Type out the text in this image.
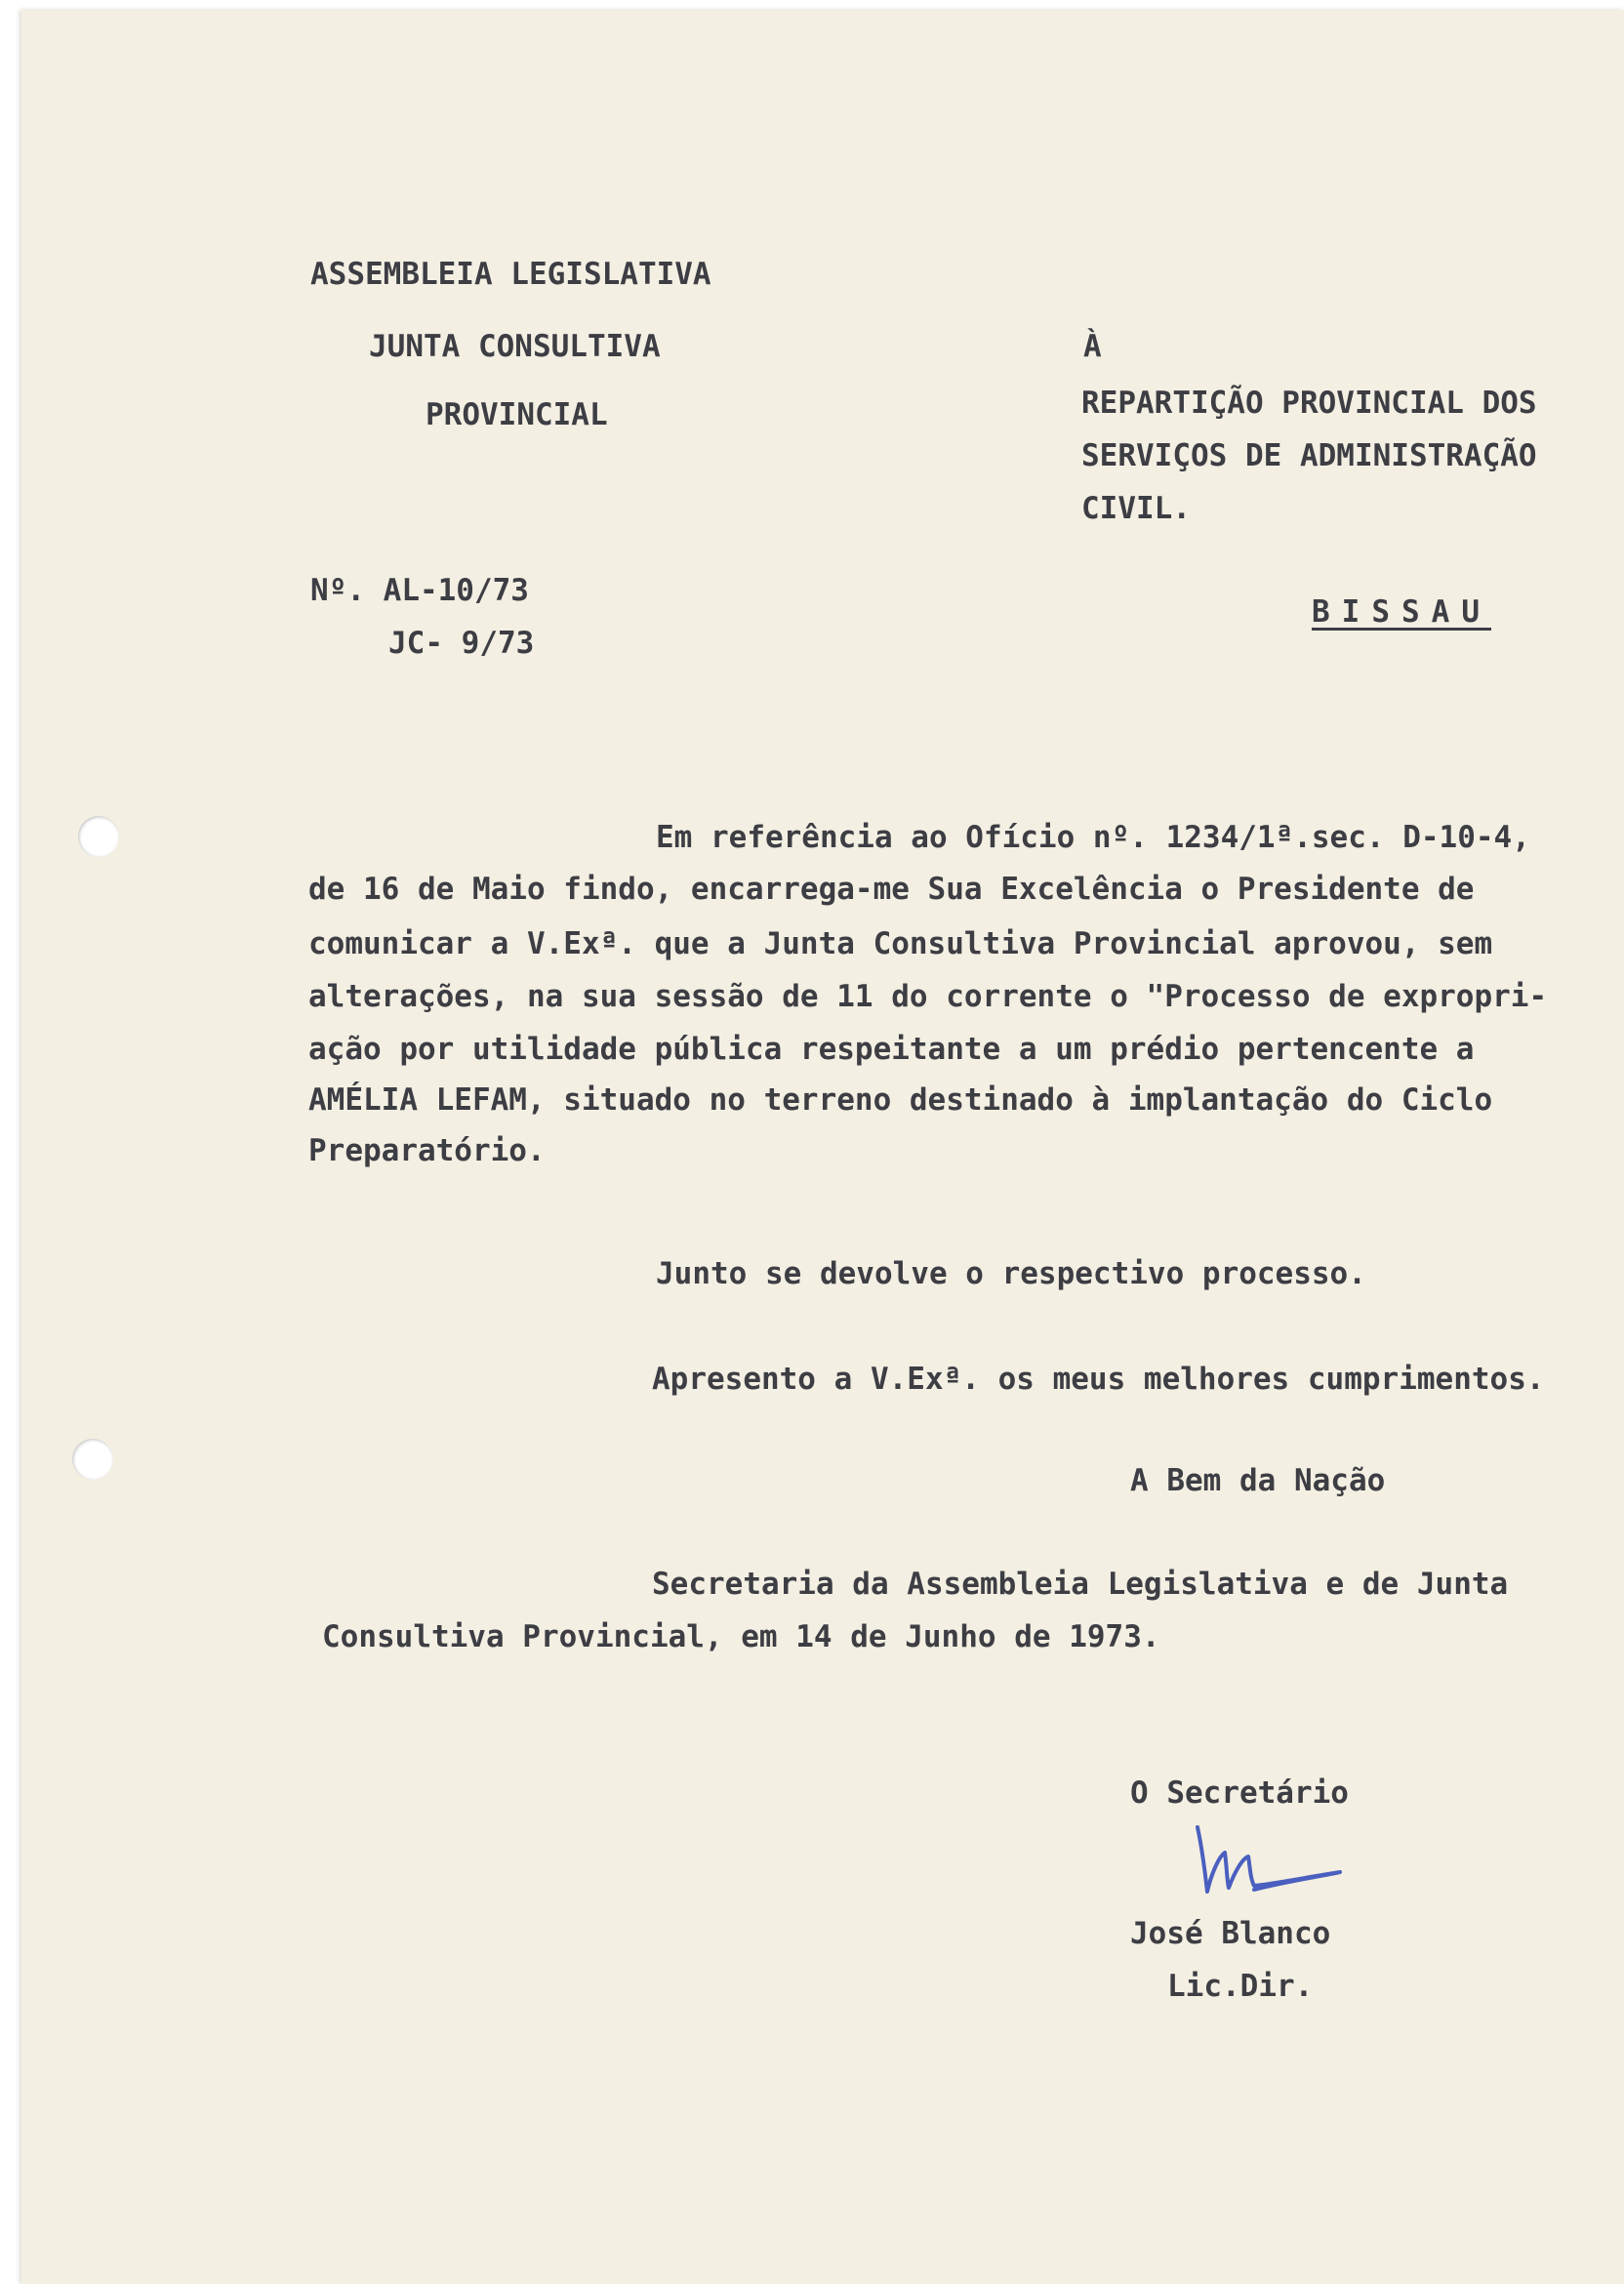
ASSEMBLEIA LEGISLATIVA
JUNTA CONSULTIVA
PROVINCIAL
À
REPARTIÇÃO PROVINCIAL DOS
SERVIÇOS DE ADMINISTRAÇÃO
CIVIL.
BISSAU
Nº. AL-10/73
JC- 9/73
Em referência ao Ofício nº. 1234/1ª.sec. D-10-4,
de 16 de Maio findo, encarrega-me Sua Excelência o Presidente de
comunicar a V.Exª. que a Junta Consultiva Provincial aprovou, sem
alterações, na sua sessão de 11 do corrente o "Processo de expropri-
ação por utilidade pública respeitante a um prédio pertencente a
AMÉLIA LEFAM, situado no terreno destinado à implantação do Ciclo
Preparatório.
Junto se devolve o respectivo processo.
Apresento a V.Exª. os meus melhores cumprimentos.
A Bem da Nação
Secretaria da Assembleia Legislativa e de Junta
Consultiva Provincial, em 14 de Junho de 1973.
O Secretário
José Blanco
Lic.Dir.
